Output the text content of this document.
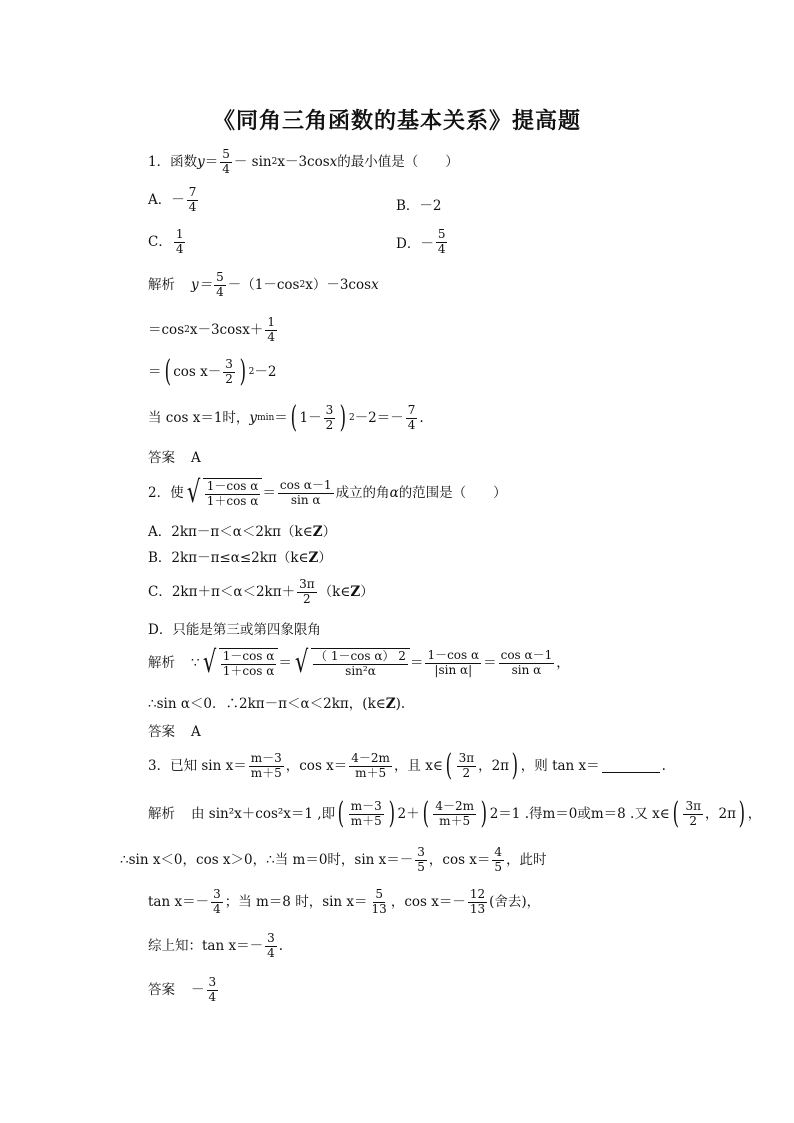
《同角三角函数的基本关系》提高题
1．函数 $y = \frac{5}{4} - \sin 2$ x－3cos x 的最小值是（　　）
A．－ $\frac{7}{4}$	B．－2
C． $\frac{1}{4}$	D．－ $\frac{5}{4}$
解析 $y= \frac{5}{4} -(1-\cos$ 2 x）－3cos x
＝cos 2 x－3cos $x+ \frac{1}{4}$
＝ ( cos
$x- \frac{3}{2}$ ) 2 －2
当 cos
x＝1时， y min ＝ ( $1- \frac{3}{2}$ ) $2 -2=- \frac{7}{4}$ .
答案 A
2．使 √ $\frac{\text{1－cos α}}{\text{1＋cos α}} = \frac{\text{cos α－1}}{\text{sin α}}$ 成立的角 α 的范围是（　　）
A．2kπ－π＜α＜2kπ（k∈ Z ）
B．2kπ－π≤α≤2kπ（k∈ Z ）
C．$2k\pi+\pi<\alpha<2k\pi+ \frac{3\pi}{2}$ （k∈ Z ）
D．只能是第三或第四象限角
解析 ∵ √ $\frac{\text{1－cos α}}{\text{1＋cos α}}$ ＝ √ $\frac{\text{（ 1－cos α） 2}}{\text{sin²α}} = \frac{\text{1－cos α}}{\text{|sin α|}} = \frac{\text{cos α－1}}{\text{sin α}}$ ，
∴sin α＜0．∴2kπ－π＜α＜2kπ，(k∈ Z ).
答案 A
3．已知 $\sin x= \frac{m-3}{m+5}$ ，$\cos x= \frac{4-2m}{m+5}$ ，且 x∈ ( $\frac{3\pi}{2}$ ，2π ) ，则 tan x＝	.
解析 由 sin²x＋cos²x＝1 ,即 ( $\frac{m-3}{m+5}$ ) 2＋ ( $\frac{4-2m}{m+5}$ ) 2＝1 .得m＝0或m＝8 .又 x∈ ( $\frac{3\pi}{2}$ ，2π ) ，
∴sin x＜0，cos x＞0，∴当 m＝0时，$\sin x=- \frac{3}{5}$ ，$\cos x= \frac{4}{5}$ ，此时
$\tan x=- \frac{3}{4}$ ；当 m＝8 时，$\sin x= \frac{5}{13}$ ，$\cos x=- \frac{12}{13}$ (舍去)，
综上知：$\tan x=- \frac{3}{4}$ .
答案 － $\frac{3}{4}$
